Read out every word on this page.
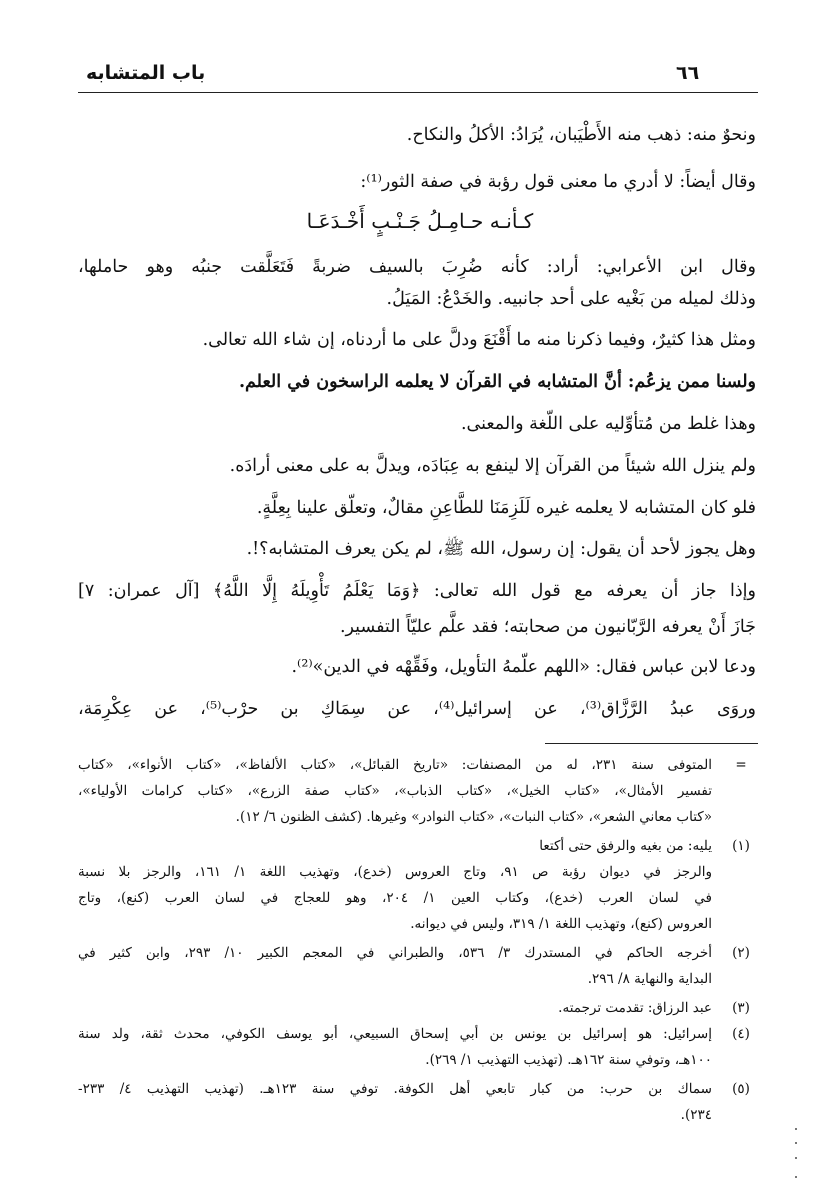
٦٦
باب المتشابه
ونحوٌ منه: ذهب منه الأَطْيَبان، يُرَادُ: الأكلُ والنكاح.
وقال أيضاً: لا أدري ما معنى قول رؤبة في صفة الثور⁽¹⁾:
كـأنـه حـامِـلُ جَـنْـبٍ أَخْـدَعَـا
وقال ابن الأعرابي: أراد: كأنه ضُرِبَ بالسيف ضربةً فَتَعَلَّقت جنبُه وهو حاملها،
وذلك لميله من بَغْيه على أحد جانبيه. والخَدْعُ: المَيَلُ.
ومثل هذا كثيرٌ، وفيما ذكرنا منه ما أَقْنَعَ ودلَّ على ما أردناه، إن شاء الله تعالى.
ولسنا ممن يزعُم: أنَّ المتشابه في القرآن لا يعلمه الراسخون في العلم.
وهذا غلط من مُتأوِّليه على اللّغة والمعنى.
ولم ينزل الله شيئاً من القرآن إلا لينفع به عِبَادَه، ويدلَّ به على معنى أرادَه.
فلو كان المتشابه لا يعلمه غيره لَلَزِمَنَا للطَّاعِنِ مقالٌ، وتعلّق علينا بِعِلَّةٍ.
وهل يجوز لأحد أن يقول: إن رسول، الله ﷺ، لم يكن يعرف المتشابه؟!.
وإذا جاز أن يعرفه مع قول الله تعالى: ﴿وَمَا يَعْلَمُ تَأْوِيلَهُ إِلَّا اللَّهُ﴾ [آل عمران: ٧]
جَازَ أَنْ يعرفه الرَّبّانيون من صحابته؛ فقد علَّم عليّاً التفسير.
ودعا لابن عباس فقال: «اللهم علّمهُ التأويل، وفَقِّهْه في الدين»⁽²⁾.
وروَى عبدُ الرَّزَّاق⁽³⁾، عن إسرائيل⁽⁴⁾، عن سِمَاكِ بن حرْب⁽⁵⁾، عن عِكْرِمَة،
=
المتوفى سنة ٢٣١، له من المصنفات: «تاريخ القبائل»، «كتاب الألفاظ»، «كتاب الأنواء»، «كتاب
تفسير الأمثال»، «كتاب الخيل»، «كتاب الذباب»، «كتاب صفة الزرع»، «كتاب كرامات الأولياء»،
«كتاب معاني الشعر»، «كتاب النبات»، «كتاب النوادر» وغيرها. (كشف الظنون ٦/ ١٢).
(١)
يليه: من بغيه والرفق حتى أكتعا
والرجز في ديوان رؤبة ص ٩١، وتاج العروس (خدع)، وتهذيب اللغة ١/ ١٦١، والرجز بلا نسبة
في لسان العرب (خدع)، وكتاب العين ١/ ٢٠٤، وهو للعجاج في لسان العرب (كنع)، وتاج
العروس (كنع)، وتهذيب اللغة ١/ ٣١٩، وليس في ديوانه.
(٢)
أخرجه الحاكم في المستدرك ٣/ ٥٣٦، والطبراني في المعجم الكبير ١٠/ ٢٩٣، وابن كثير في
البداية والنهاية ٨/ ٢٩٦.
(٣)
عبد الرزاق: تقدمت ترجمته.
(٤)
إسرائيل: هو إسرائيل بن يونس بن أبي إسحاق السبيعي، أبو يوسف الكوفي، محدث ثقة، ولد سنة
١٠٠هـ، وتوفي سنة ١٦٢هـ. (تهذيب التهذيب ١/ ٢٦٩).
(٥)
سماك بن حرب: من كبار تابعي أهل الكوفة. توفي سنة ١٢٣هـ. (تهذيب التهذيب ٤/ ٢٣٣-
٢٣٤).
